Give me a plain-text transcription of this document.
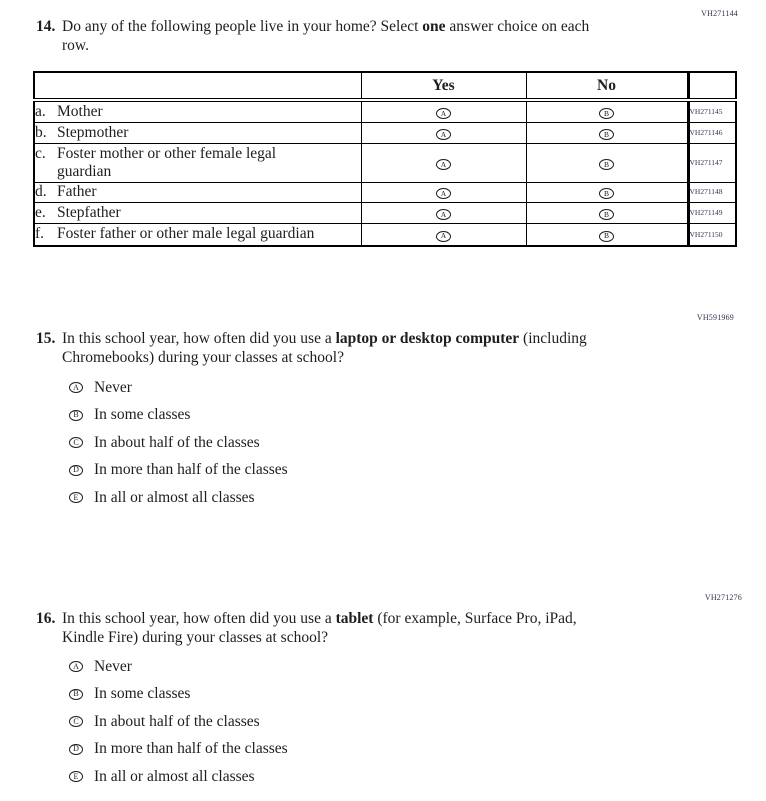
VH271144
14. Do any of the following people live in your home? Select one answer choice on each
row.
	Yes	No	

a. Mother	A	B	VH271145

b. Stepmother	A	B	VH271146

c. Foster mother or other female legal guardian	A	B	VH271147

d. Father	A	B	VH271148

e. Stepfather	A	B	VH271149

f. Foster father or other male legal guardian	A	B	VH271150
VH591969
15. In this school year, how often did you use a laptop or desktop computer (including
Chromebooks) during your classes at school?
A Never
B In some classes
C In about half of the classes
D In more than half of the classes
E In all or almost all classes
VH271276
16. In this school year, how often did you use a tablet (for example, Surface Pro, iPad,
Kindle Fire) during your classes at school?
A Never
B In some classes
C In about half of the classes
D In more than half of the classes
E In all or almost all classes
